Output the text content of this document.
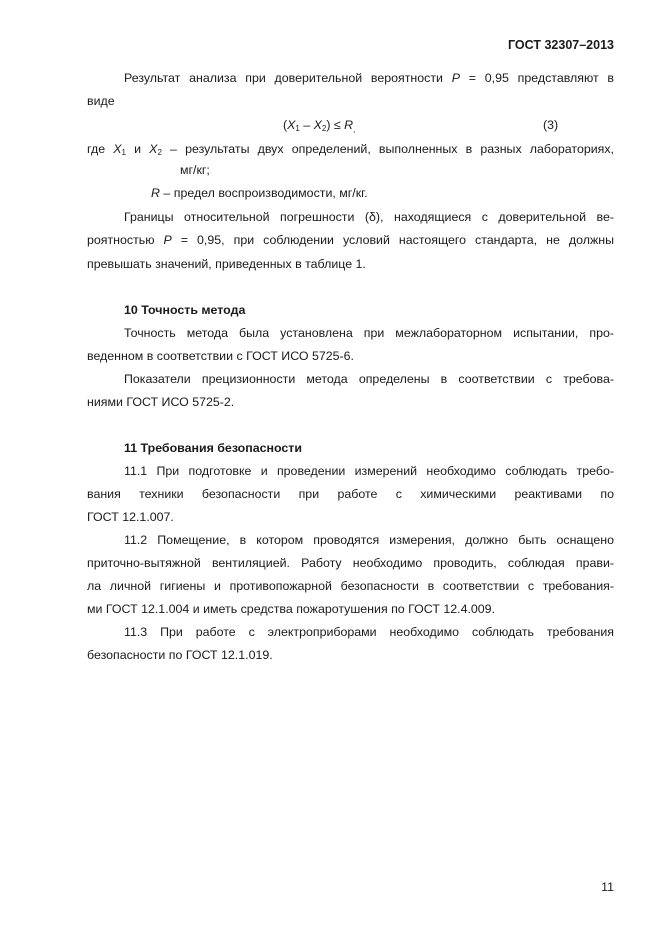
ГОСТ 32307–2013
Результат анализа при доверительной вероятности P = 0,95 представляют в
виде
$(X_1 - X_2) \le R_,$	(3)
где $X_1$ и $X_2$ – результаты двух определений, выполненных в разных лабораториях,
мг/кг;
R – предел воспроизводимости, мг/кг.
Границы относительной погрешности (δ), находящиеся с доверительной ве-
роятностью P = 0,95, при соблюдении условий настоящего стандарта, не должны
превышать значений, приведенных в таблице 1.
10 Точность метода
Точность метода была установлена при межлабораторном испытании, про-
веденном в соответствии с ГОСТ ИСО 5725-6.
Показатели прецизионности метода определены в соответствии с требова-
ниями ГОСТ ИСО 5725-2.
11 Требования безопасности
11.1 При подготовке и проведении измерений необходимо соблюдать требо-
вания техники безопасности при работе с химическими реактивами по
ГОСТ 12.1.007.
11.2 Помещение, в котором проводятся измерения, должно быть оснащено
приточно-вытяжной вентиляцией. Работу необходимо проводить, соблюдая прави-
ла личной гигиены и противопожарной безопасности в соответствии с требования-
ми ГОСТ 12.1.004 и иметь средства пожаротушения по ГОСТ 12.4.009.
11.3 При работе с электроприборами необходимо соблюдать требования
безопасности по ГОСТ 12.1.019.
11
